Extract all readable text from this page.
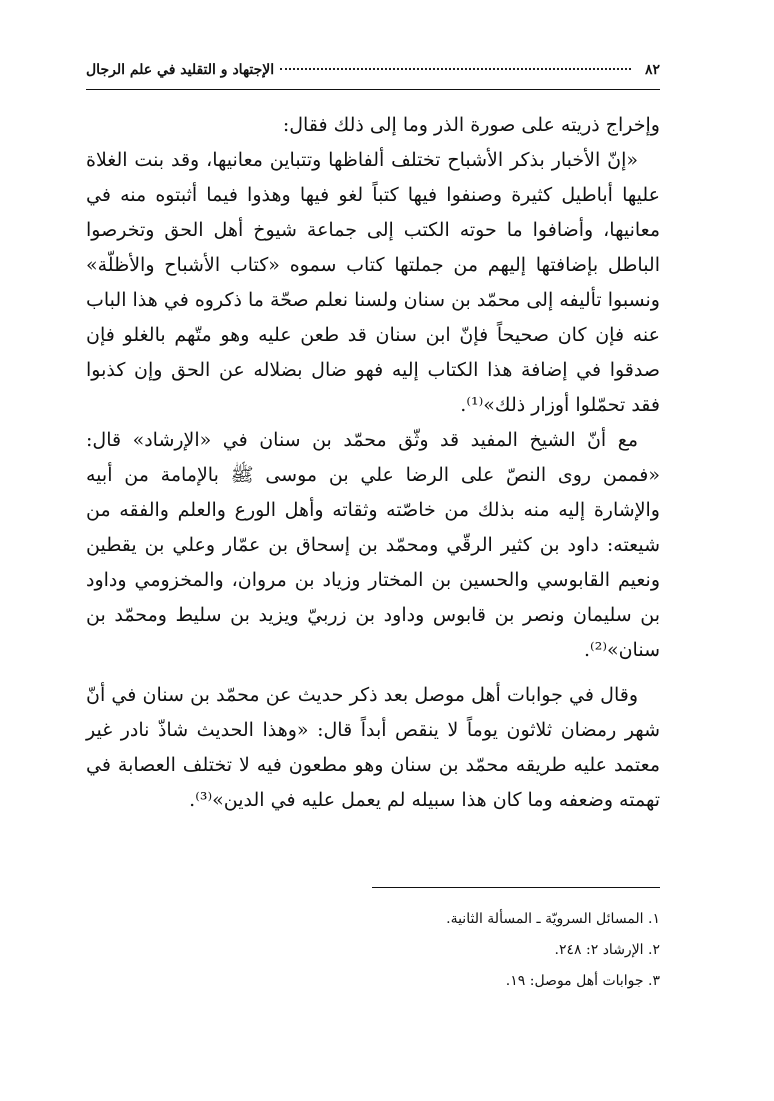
٨٢
الإجتهاد و التقليد في علم الرجال

وإخراج ذريته على صورة الذر وما إلى ذلك فقال:

«إنّ الأخبار بذكر الأشباح تختلف ألفاظها وتتباين معانيها، وقد بنت الغلاة عليها أباطيل كثيرة وصنفوا فيها كتباً لغو فيها وهذوا فيما أثبتوه منه في معانيها، وأضافوا ما حوته الكتب إلى جماعة شيوخ أهل الحق وتخرصوا الباطل بإضافتها إليهم من جملتها كتاب سموه «كتاب الأشباح والأظلّة» ونسبوا تأليفه إلى محمّد بن سنان ولسنا نعلم صحّة ما ذكروه في هذا الباب عنه فإن كان صحيحاً فإنّ ابن سنان قد طعن عليه وهو متّهم بالغلو فإن صدقوا في إضافة هذا الكتاب إليه فهو ضال بضلاله عن الحق وإن كذبوا فقد تحمّلوا أوزار ذلك»⁽¹⁾.

مع أنّ الشيخ المفيد قد وثّق محمّد بن سنان في «الإرشاد» قال: «فممن روى النصّ على الرضا علي بن موسى ﷺ بالإمامة من أبيه والإشارة إليه منه بذلك من خاصّته وثقاته وأهل الورع والعلم والفقه من شيعته: داود بن كثير الرقّي ومحمّد بن إسحاق بن عمّار وعلي بن يقطين ونعيم القابوسي والحسين بن المختار وزياد بن مروان، والمخزومي وداود بن سليمان ونصر بن قابوس وداود بن زربيّ ويزيد بن سليط ومحمّد بن سنان»⁽²⁾.

وقال في جوابات أهل موصل بعد ذكر حديث عن محمّد بن سنان في أنّ شهر رمضان ثلاثون يوماً لا ينقص أبداً قال: «وهذا الحديث شاذّ نادر غير معتمد عليه طريقه محمّد بن سنان وهو مطعون فيه لا تختلف العصابة في تهمته وضعفه وما كان هذا سبيله لم يعمل عليه في الدين»⁽³⁾.

١. المسائل السرويّة ـ المسألة الثانية.
٢. الإرشاد ٢: ٢٤٨.
٣. جوابات أهل موصل: ١٩.
